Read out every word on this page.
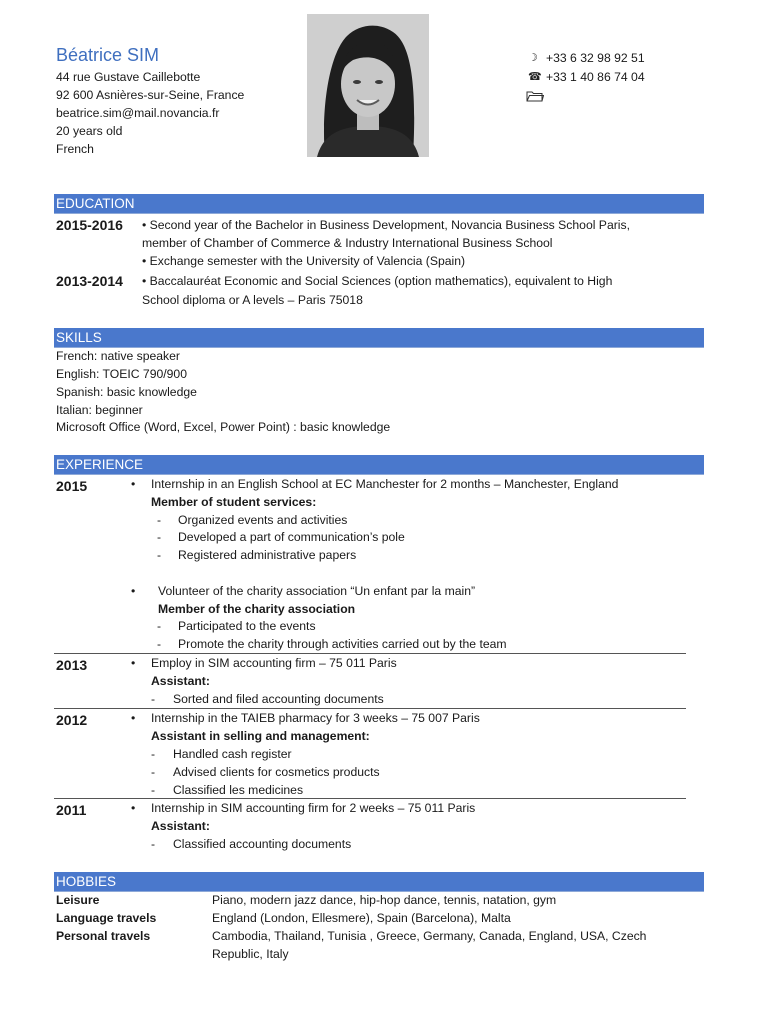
Béatrice SIM
44 rue Gustave Caillebotte
92 600 Asnières-sur-Seine, France
beatrice.sim@mail.novancia.fr
20 years old
French
☽ +33 6 32 98 92 51
☎ +33 1 40 86 74 04
EDUCATION
2015-2016 • Second year of the Bachelor in Business Development, Novancia Business School Paris,
member of Chamber of Commerce & Industry International Business School
• Exchange semester with the University of Valencia (Spain)
2013-2014 • Baccalauréat Economic and Social Sciences (option mathematics), equivalent to High
School diploma or A levels – Paris 75018
SKILLS
French: native speaker
English: TOEIC 790/900
Spanish: basic knowledge
Italian: beginner
Microsoft Office (Word, Excel, Power Point) : basic knowledge
EXPERIENCE
2015	• Internship in an English School at EC Manchester for 2 months – Manchester, England
Member of student services:
- Organized events and activities
- Developed a part of communication’s pole
- Registered administrative papers
• Volunteer of the charity association “Un enfant par la main”
Member of the charity association
- Participated to the events
- Promote the charity through activities carried out by the team
2013	• Employ in SIM accounting firm – 75 011 Paris
Assistant:
- Sorted and filed accounting documents
2012	• Internship in the TAIEB pharmacy for 3 weeks – 75 007 Paris
Assistant in selling and management:
- Handled cash register
- Advised clients for cosmetics products
- Classified les medicines
2011	• Internship in SIM accounting firm for 2 weeks – 75 011 Paris
Assistant:
- Classified accounting documents
HOBBIES
Leisure	Piano, modern jazz dance, hip-hop dance, tennis, natation, gym
Language travels	England (London, Ellesmere), Spain (Barcelona), Malta
Personal travels	Cambodia, Thailand, Tunisia , Greece, Germany, Canada, England, USA, Czech
Republic, Italy
